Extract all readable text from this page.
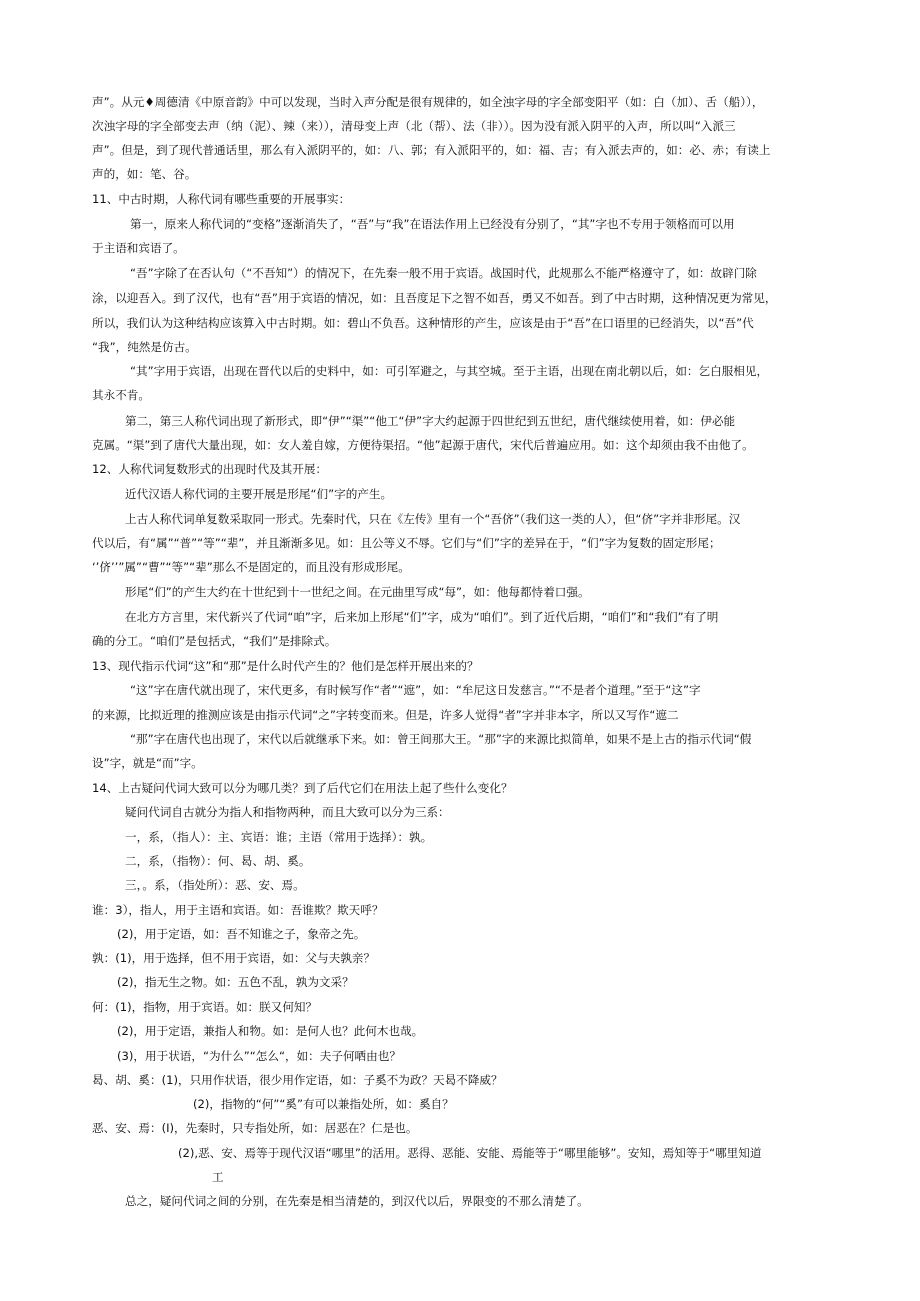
声”。从元♦周德清《中原音韵》中可以发现，当时入声分配是很有规律的，如全浊字母的字全部变阳平（如：白（加）、舌（船）），
次浊字母的字全部变去声（纳（泥）、辣（来）），清母变上声（北（帮）、法（非））。因为没有派入阴平的入声，所以叫“入派三
声”。但是，到了现代普通话里，那么有入派阴平的，如：八、郭；有入派阳平的，如：福、吉；有入派去声的，如：必、赤；有读上
声的，如：笔、谷。
11、中古时期，人称代词有哪些重要的开展事实：
第一，原来人称代词的“变格”逐渐消失了，“吾”与“我”在语法作用上已经没有分别了，“其”字也不专用于领格而可以用
于主语和宾语了。
“吾”字除了在否认句（“不吾知”）的情况下，在先秦一般不用于宾语。战国时代，此规那么不能严格遵守了，如：故辟门除
涂，以迎吾入。到了汉代，也有“吾”用于宾语的情况，如：且吾度足下之智不如吾，勇又不如吾。到了中古时期，这种情况更为常见，
所以，我们认为这种结构应该算入中古时期。如：碧山不负吾。这种情形的产生，应该是由于“吾”在口语里的已经消失，以“吾”代
“我”，纯然是仿古。
“其”字用于宾语，出现在晋代以后的史料中，如：可引军避之，与其空城。至于主语，出现在南北朝以后，如：乞白服相见，
其永不肯。
第二，第三人称代词出现了新形式，即“伊”“渠”“他工“伊”字大约起源于四世纪到五世纪，唐代继续使用着，如：伊必能
克属。“渠”到了唐代大量出现，如：女人羞自嫁，方便待渠招。“他”起源于唐代，宋代后普遍应用。如：这个却须由我不由他了。
12、人称代词复数形式的出现时代及其开展：
近代汉语人称代词的主要开展是形尾“们”字的产生。
上古人称代词单复数采取同一形式。先秦时代，只在《左传》里有一个“吾侪”（我们这一类的人），但“侪”字并非形尾。汉
代以后，有“属”“普”“等”“辈”，并且渐渐多见。如：且公等义不辱。它们与“们”字的差异在于，“们”字为复数的固定形尾；
‘’侪’’”属”“曹”“等”“辈”那么不是固定的，而且没有形成形尾。
形尾“们”的产生大约在十世纪到十一世纪之间。在元曲里写成“每”，如：他每都恃着口强。
在北方方言里，宋代新兴了代词“咱”字，后来加上形尾“们”字，成为“咱们”。到了近代后期，“咱们”和“我们”有了明
确的分工。“咱们”是包括式，“我们”是排除式。
13、现代指示代词“这”和“那”是什么时代产生的？他们是怎样开展出来的？
“这”字在唐代就出现了，宋代更多，有时候写作“者”“遮”，如：“牟尼这日发慈言。”“不是者个道理。”至于“这”字
的来源，比拟近理的推测应该是由指示代词“之”字转变而来。但是，许多人觉得“者”字并非本字，所以又写作“遮二
“那”字在唐代也出现了，宋代以后就继承下来。如：曾王间那大王。“那”字的来源比拟简单，如果不是上古的指示代词“假
设”字，就是“而”字。
14、上古疑问代词大致可以分为哪几类？到了后代它们在用法上起了些什么变化？
疑问代词自古就分为指人和指物两种，而且大致可以分为三系：
一，系，（指人）：主、宾语：谁；主语（常用于选择）：孰。
二，系，（指物）：何、曷、胡、奚。
三，。系，（指处所）：恶、安、焉。
谁：3），指人，用于主语和宾语。如：吾谁欺？欺天呼？
(2)，用于定语，如：吾不知谁之子，象帝之先。
孰：(1)，用于选择，但不用于宾语，如：父与夫孰亲？
(2)，指无生之物。如：五色不乱，孰为文采？
何：(1)，指物，用于宾语。如：朕又何知？
(2)，用于定语，兼指人和物。如：是何人也？此何木也哉。
(3)，用于状语，“为什么”“怎么“，如：夫子何哂由也？
曷、胡、奚：(1)，只用作状语，很少用作定语，如：子奚不为政？天曷不降威？
(2)，指物的“何”“奚”有可以兼指处所，如：奚自？
恶、安、焉：(I)，先秦时，只专指处所，如：居恶在？仁是也。
(2),恶、安、焉等于现代汉语“哪里”的活用。恶得、恶能、安能、焉能等于“哪里能够”。安知，焉知等于“哪里知道
工
总之，疑问代词之间的分别，在先秦是相当清楚的，到汉代以后，界限变的不那么清楚了。
